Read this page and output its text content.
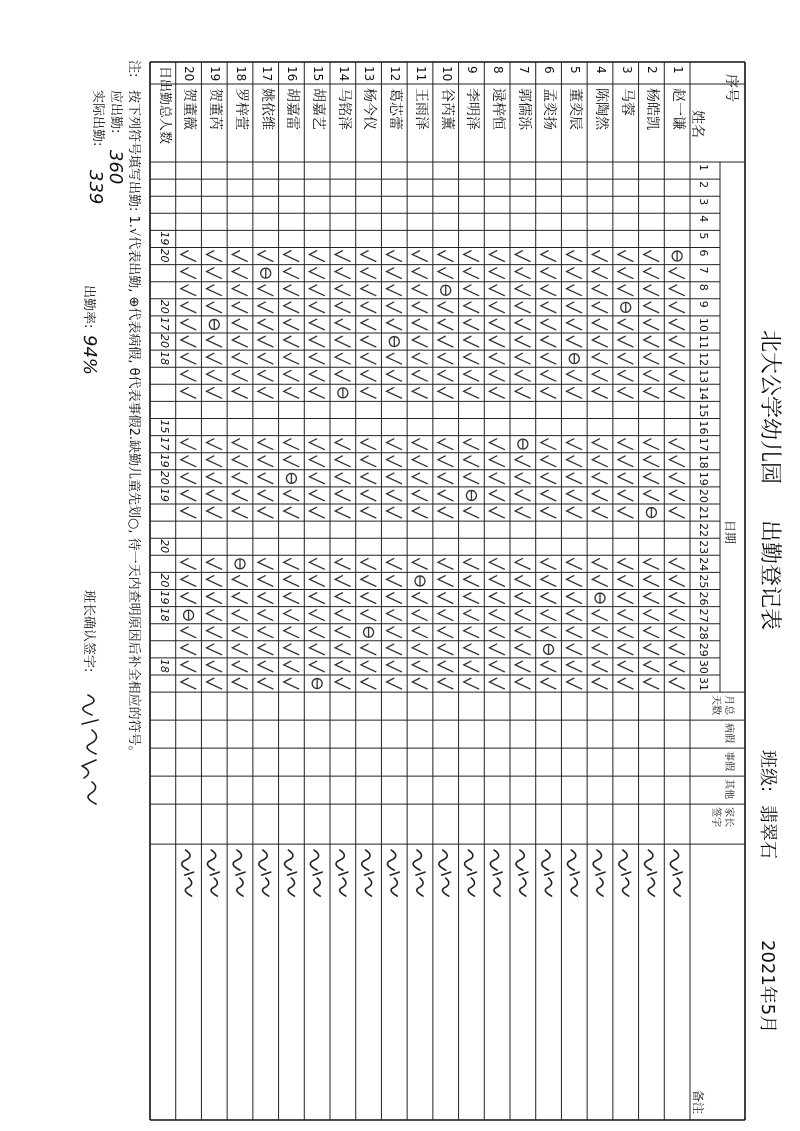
北大公学幼儿园
出勤登记表
班级:
翡翠石
2021年5月
序号
姓名
日期
备注
1
2
3
4
5
6
7
8
9
10
11
12
13
14
15
16
17
18
19
20
21
22
23
24
25
26
27
28
29
30
31
月总天数
病假
事假
其他
家长签字
1
赵一谦
2
杨皓凯
3
马蓉
4
陈陶然
5
董奕辰
6
孟奕扬
7
郭儒泺
8
逯梓恒
9
李明泽
10
谷芮薰
11
王雨泽
12
葛芯蕾
13
杨今仪
14
马铭泽
15
胡嘉艺
16
胡嘉雷
17
姚依维
18
罗梓萱
19
贺董芮
20
贺董薇
日出勤总人数
19
20
20
17
20
18
15
17
19
20
19
20
20
19
18
18
注:
按下列符号填写出勤: 1.√代表出勤, ⊕代表病假, θ代表事假2.缺勤儿童先划○, 待一天内查明原因后补全相应的符号。
应出勤:
360
实际出勤:
339
出勤率:
94%
班长确认签字:
